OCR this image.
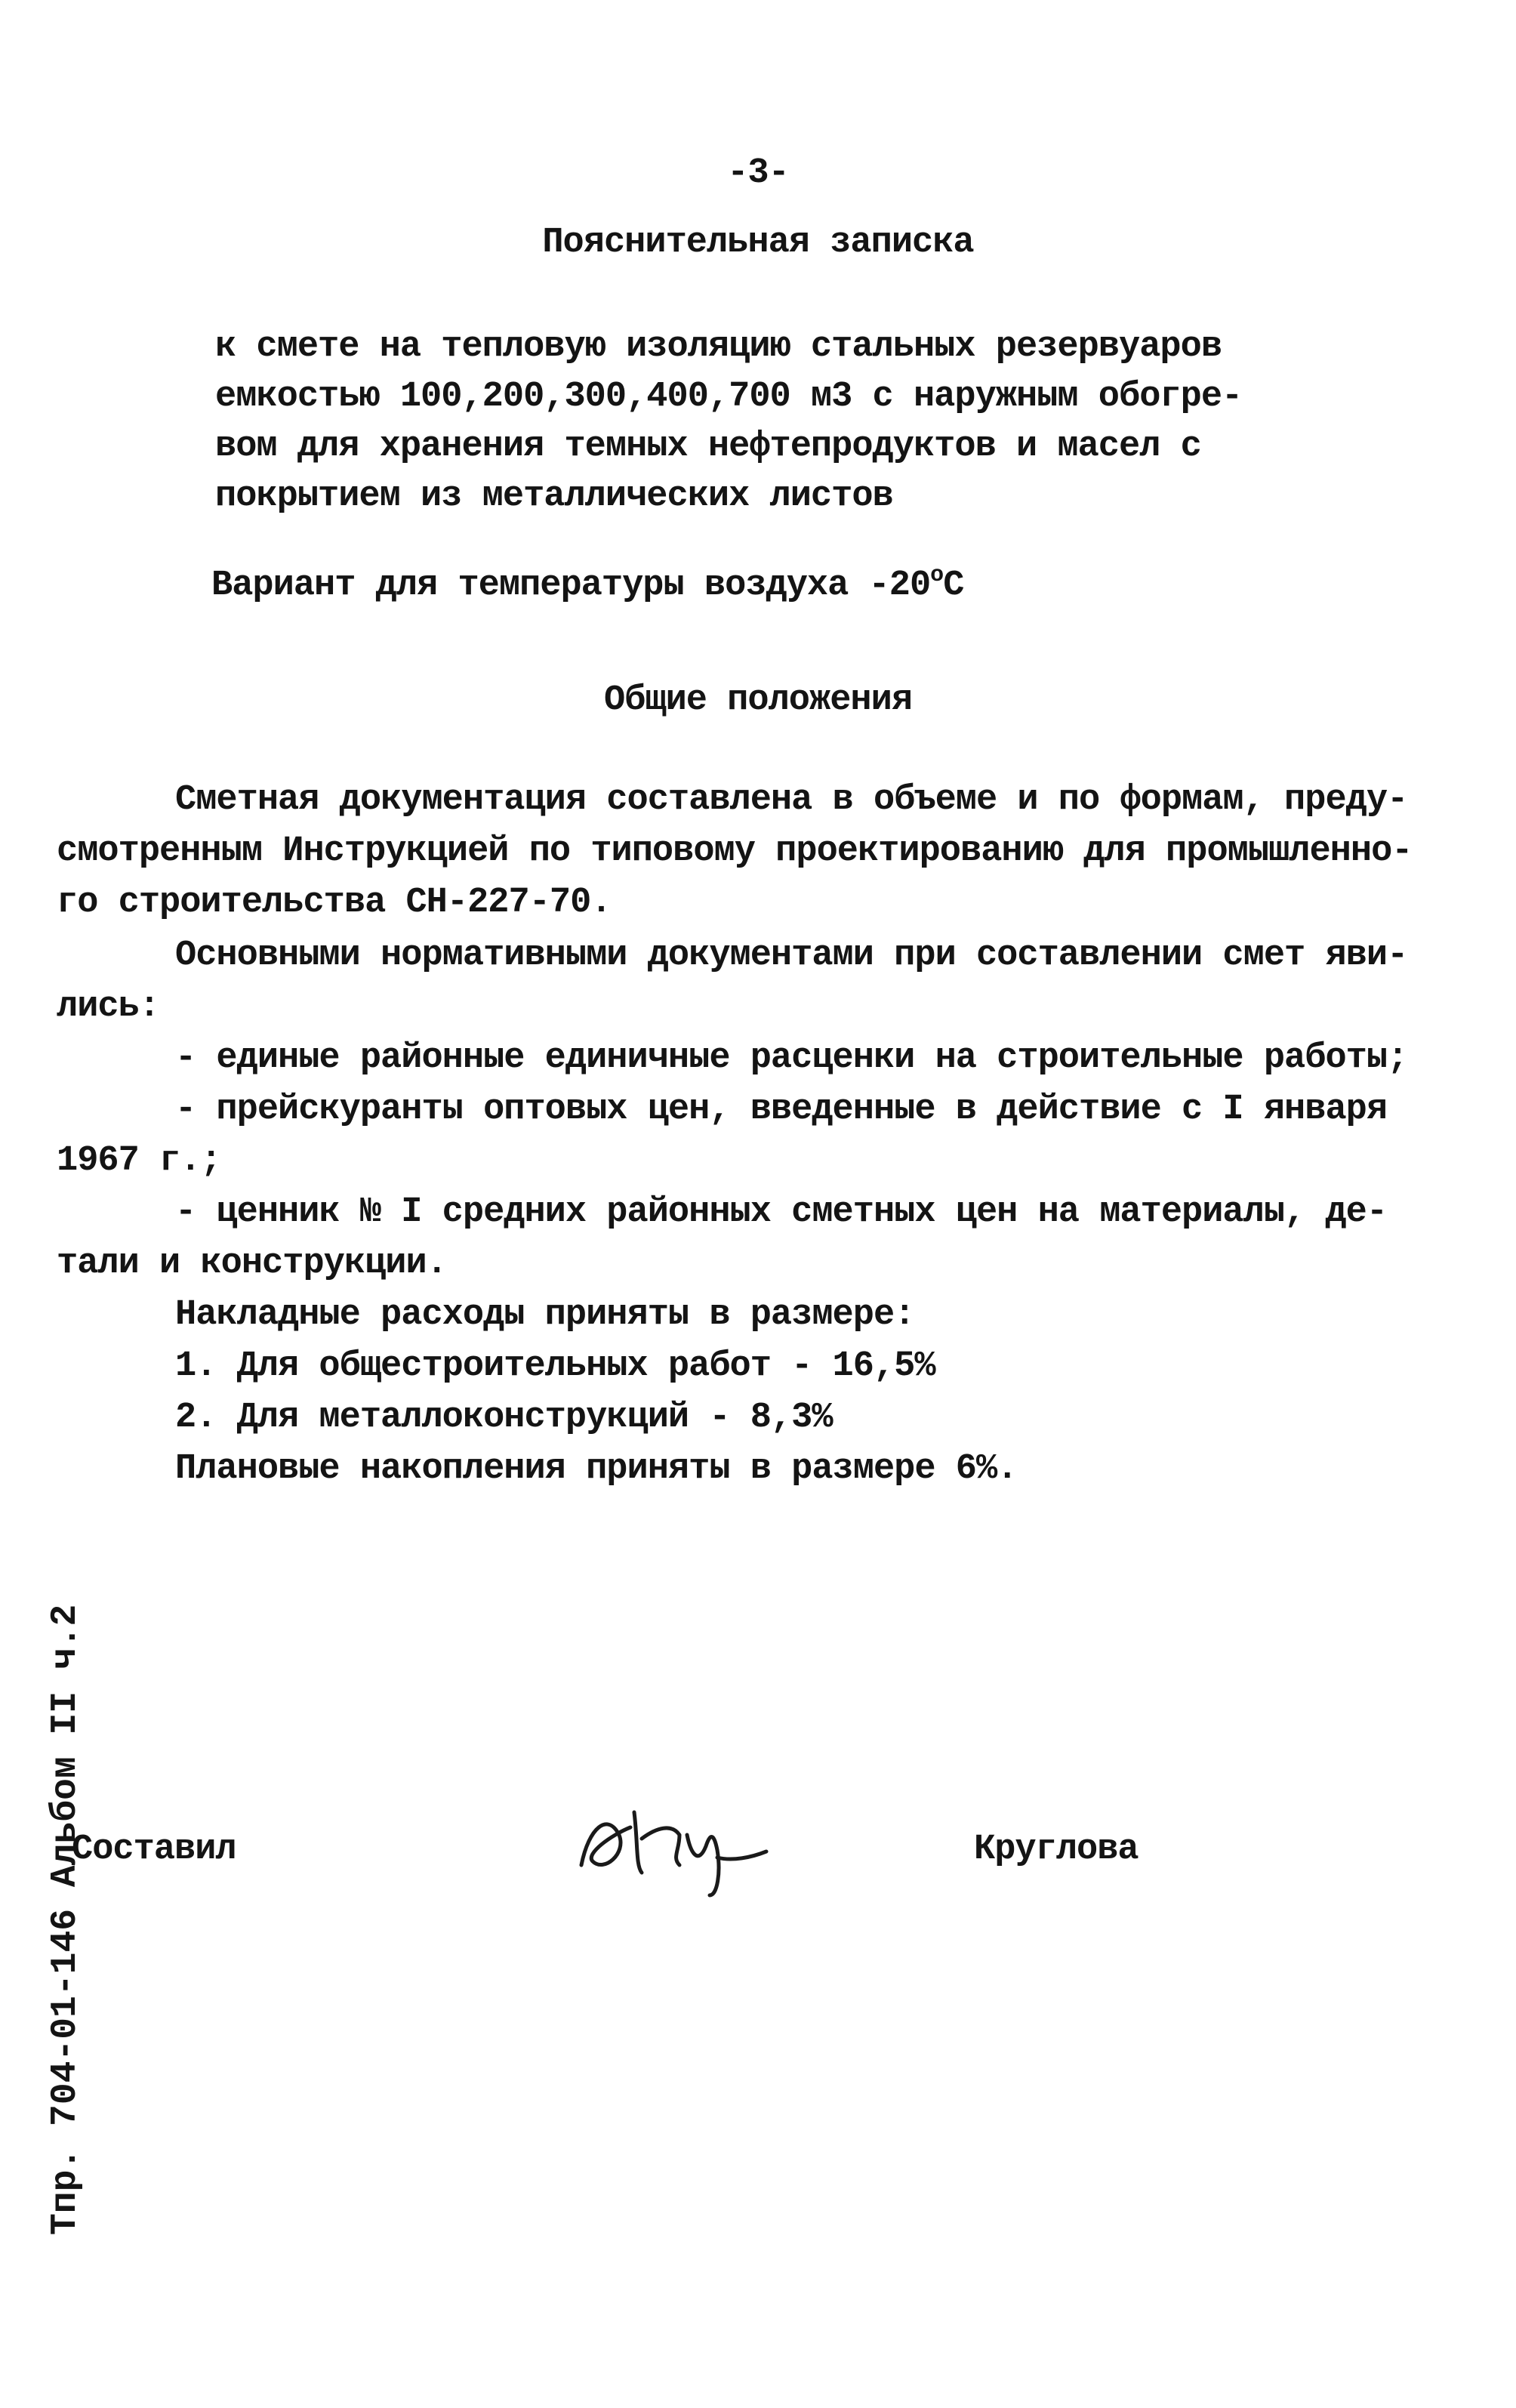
-3-
Пояснительная записка
к смете на тепловую изоляцию стальных резервуаров
емкостью 100,200,300,400,700 м3 с наружным обогре-
вом для хранения темных нефтепродуктов и масел с
покрытием из металлических листов
Вариант для температуры воздуха $-20^оС$
Общие положения
Сметная документация составлена в объеме и по формам, преду-
смотренным Инструкцией по типовому проектированию для промышленно-
го строительства СН-227-70.
Основными нормативными документами при составлении смет яви-
лись:
- единые районные единичные расценки на строительные работы;
- прейскуранты оптовых цен, введенные в действие с I января
1967 г.;
- ценник № I средних районных сметных цен на материалы, де-
тали и конструкции.
Накладные расходы приняты в размере:
1. Для общестроительных работ - 16,5%
2. Для металлоконструкций - 8,3%
Плановые накопления приняты в размере 6%.
Составил	Круглова
Тпр. 704-01-146 Альбом II ч.2
